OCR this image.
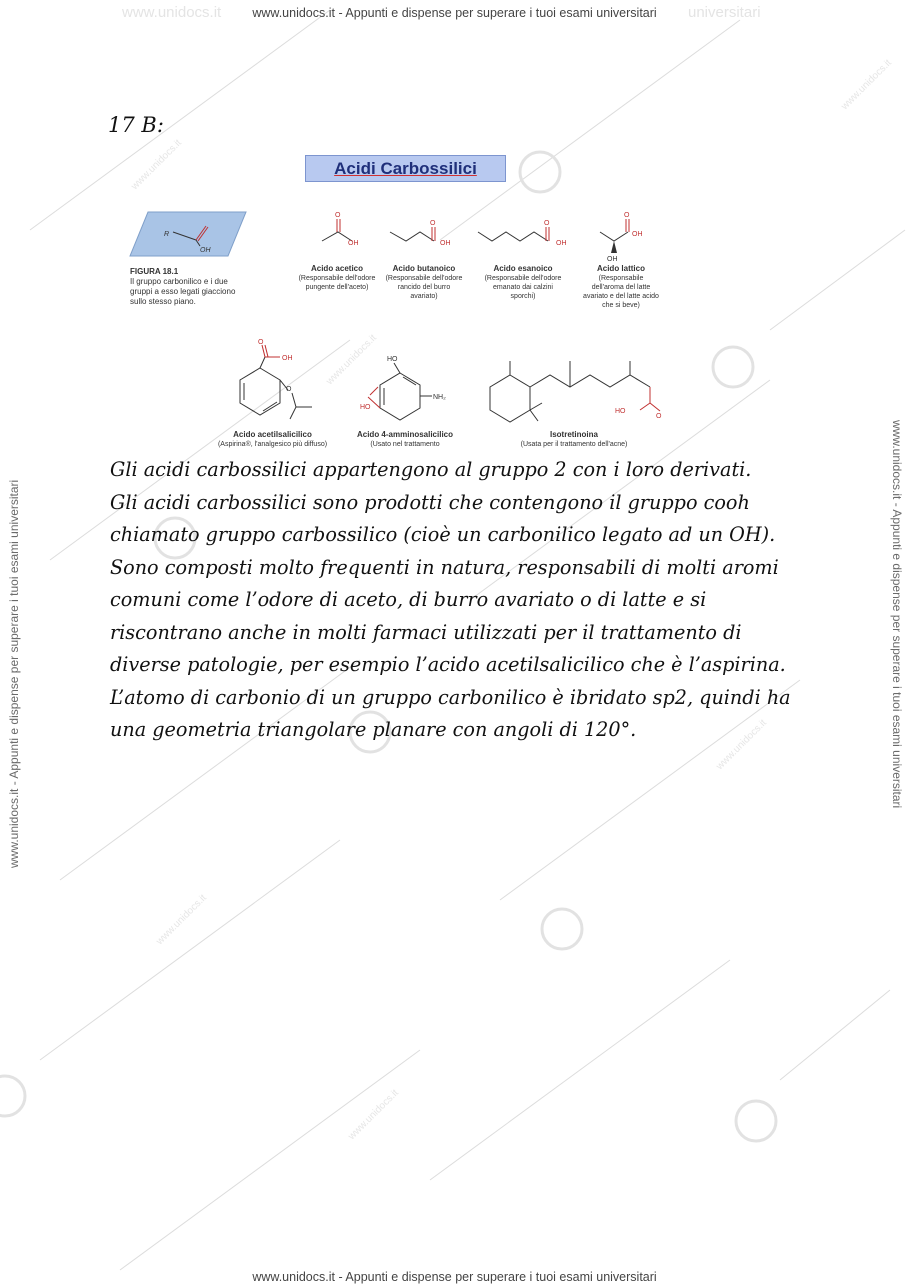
www.unidocs.it
www.unidocs.it
www.unidocs.it
www.unidocs.it
www.unidocs.it
www.unidocs.it
www.unidocs.it	universitari
www.unidocs.it - Appunti e dispense per superare i tuoi esami universitari
www.unidocs.it - Appunti e dispense per superare i tuoi esami universitari
www.unidocs.it - Appunti e dispense per superare i tuoi esami universitari	www.unidocs.it - Appunti e dispense per superare i tuoi esami universitari
17 B:
Acidi Carbossilici
R
OH
FIGURA 18.1
Il gruppo carbonilico e i due gruppi a esso legati giacciono sullo stesso piano.
O
OH
O
OH
O
OH
O
OH
OH
Acido acetico
(Responsabile dell'odore pungente dell'aceto)
Acido butanoico
(Responsabile dell'odore rancido del burro avariato)
Acido esanoico
(Responsabile dell'odore emanato dai calzini sporchi)
Acido lattico
(Responsabile dell'aroma del latte avariato e del latte acido che si beve)
O
OH
O
HO
NH₂
HO
HO
O
Acido acetilsalicilico
(Aspirina®, l'analgesico più diffuso)
Acido 4-amminosalicilico
(Usato nel trattamento
Isotretinoina
(Usata per il trattamento dell'acne)

Gli acidi carbossilici appartengono al gruppo 2 con i loro derivati.

Gli acidi carbossilici sono prodotti che contengono il gruppo cooh chiamato gruppo carbossilico (cioè un carbonilico legato ad un OH).

Sono composti molto frequenti in natura, responsabili di molti aromi comuni come l’odore di aceto, di burro avariato o di latte e si riscontrano anche in molti farmaci utilizzati per il trattamento di diverse patologie, per esempio l’acido acetilsalicilico che è l’aspirina.

L’atomo di carbonio di un gruppo carbonilico è ibridato sp2, quindi ha una geometria triangolare planare con angoli di 120°.
